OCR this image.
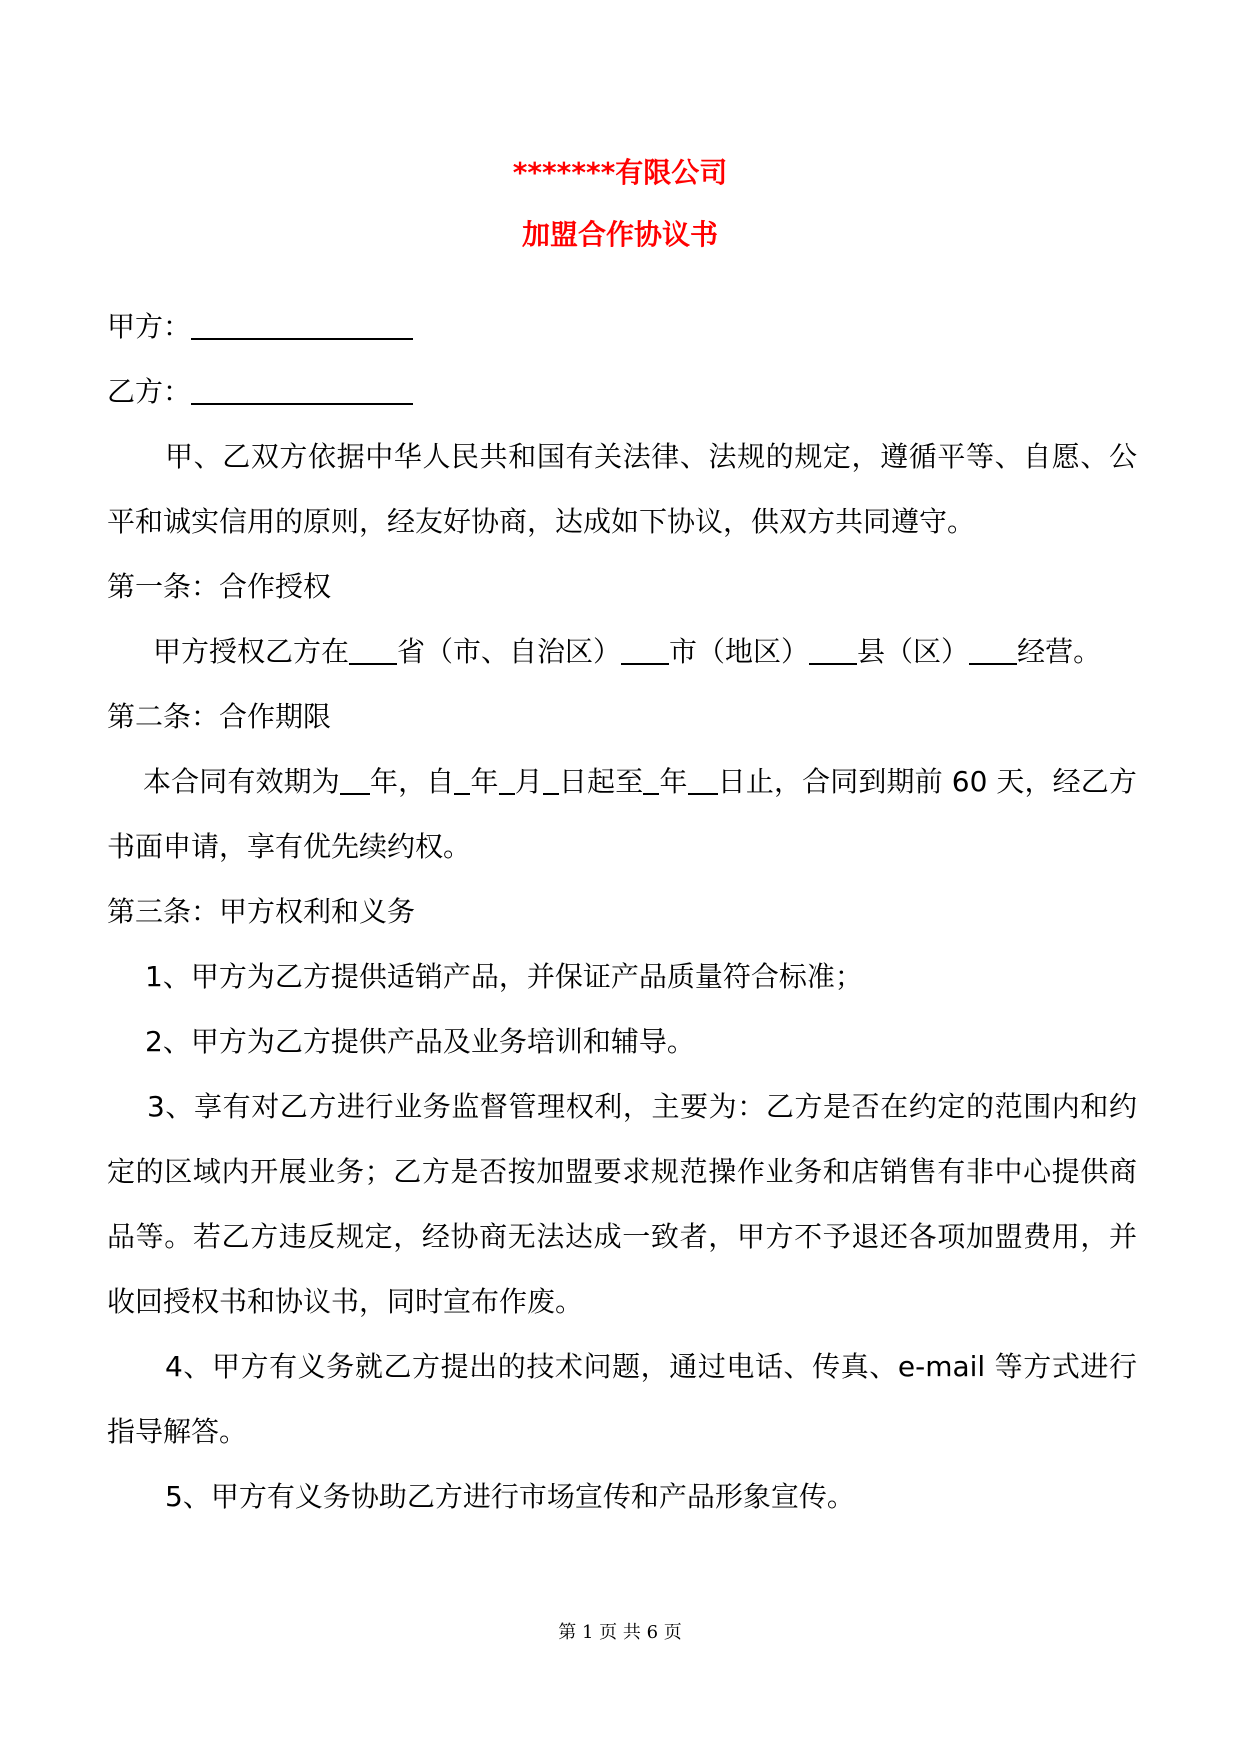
*******有限公司
加盟合作协议书

甲方：

乙方：

甲、乙双方依据中华人民共和国有关法律、法规的规定，遵循平等、自愿、公平和诚实信用的原则，经友好协商，达成如下协议，供双方共同遵守。

第一条：合作授权

甲方授权乙方在 省（市、自治区） 市（地区） 县（区） 经营。

第二条：合作期限

本合同有效期为 年，自 年 月 日起至 年 日止，合同到期前 60 天，经乙方书面申请，享有优先续约权。

第三条：甲方权利和义务

1、甲方为乙方提供适销产品，并保证产品质量符合标准；

2、甲方为乙方提供产品及业务培训和辅导。

3、享有对乙方进行业务监督管理权利，主要为：乙方是否在约定的范围内和约定的区域内开展业务；乙方是否按加盟要求规范操作业务和店销售有非中心提供商品等。若乙方违反规定，经协商无法达成一致者，甲方不予退还各项加盟费用，并收回授权书和协议书，同时宣布作废。

4、甲方有义务就乙方提出的技术问题，通过电话、传真、e-mail 等方式进行指导解答。

5、甲方有义务协助乙方进行市场宣传和产品形象宣传。

第 1 页 共 6 页
